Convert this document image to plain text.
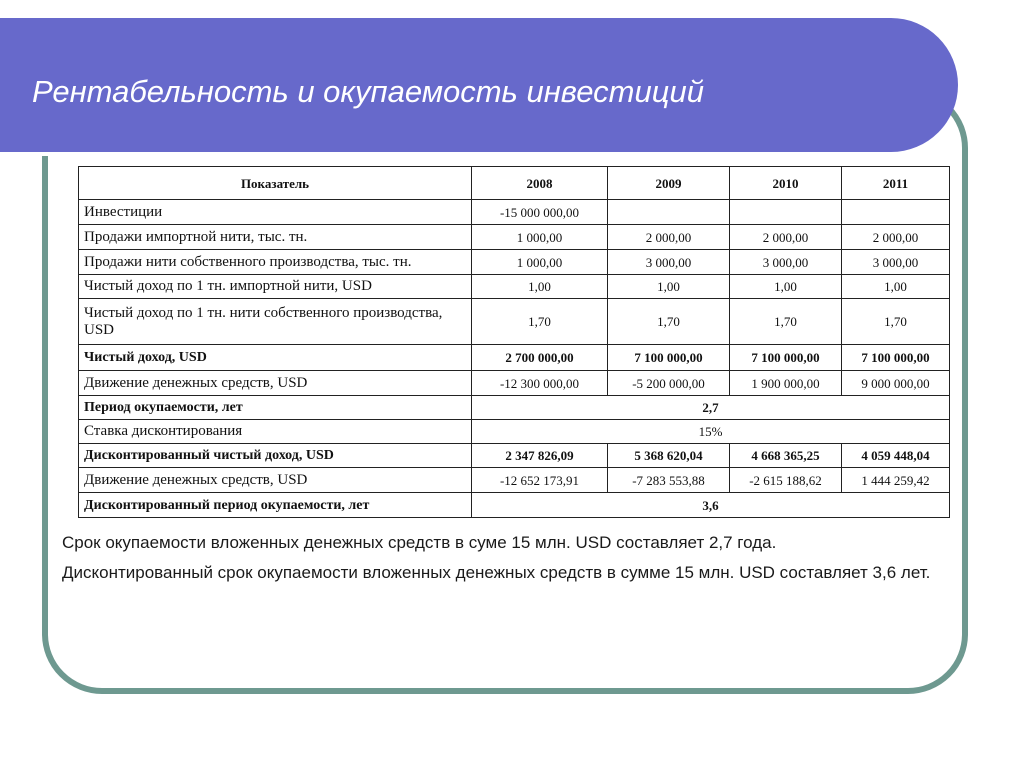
Рентабельность и окупаемость инвестиций
Показатель	2008	2009	2010	2011
Инвестиции	-15 000 000,00			
Продажи импортной нити, тыс. тн.	1 000,00	2 000,00	2 000,00	2 000,00
Продажи нити собственного производства, тыс. тн.	1 000,00	3 000,00	3 000,00	3 000,00
Чистый доход по 1 тн. импортной нити, USD	1,00	1,00	1,00	1,00
Чистый доход по 1 тн. нити собственного производства, USD	1,70	1,70	1,70	1,70
Чистый доход, USD	2 700 000,00	7 100 000,00	7 100 000,00	7 100 000,00
Движение денежных средств, USD	-12 300 000,00	-5 200 000,00	1 900 000,00	9 000 000,00
Период окупаемости, лет	2,7			
Ставка дисконтирования	15%			
Дисконтированный чистый доход, USD	2 347 826,09	5 368 620,04	4 668 365,25	4 059 448,04
Движение денежных средств, USD	-12 652 173,91	-7 283 553,88	-2 615 188,62	1 444 259,42
Дисконтированный период окупаемости, лет	3,6			

Срок окупаемости вложенных денежных средств в суме 15 млн. USD составляет 2,7 года.

Дисконтированный срок окупаемости вложенных денежных средств в сумме 15 млн. USD составляет 3,6 лет.
